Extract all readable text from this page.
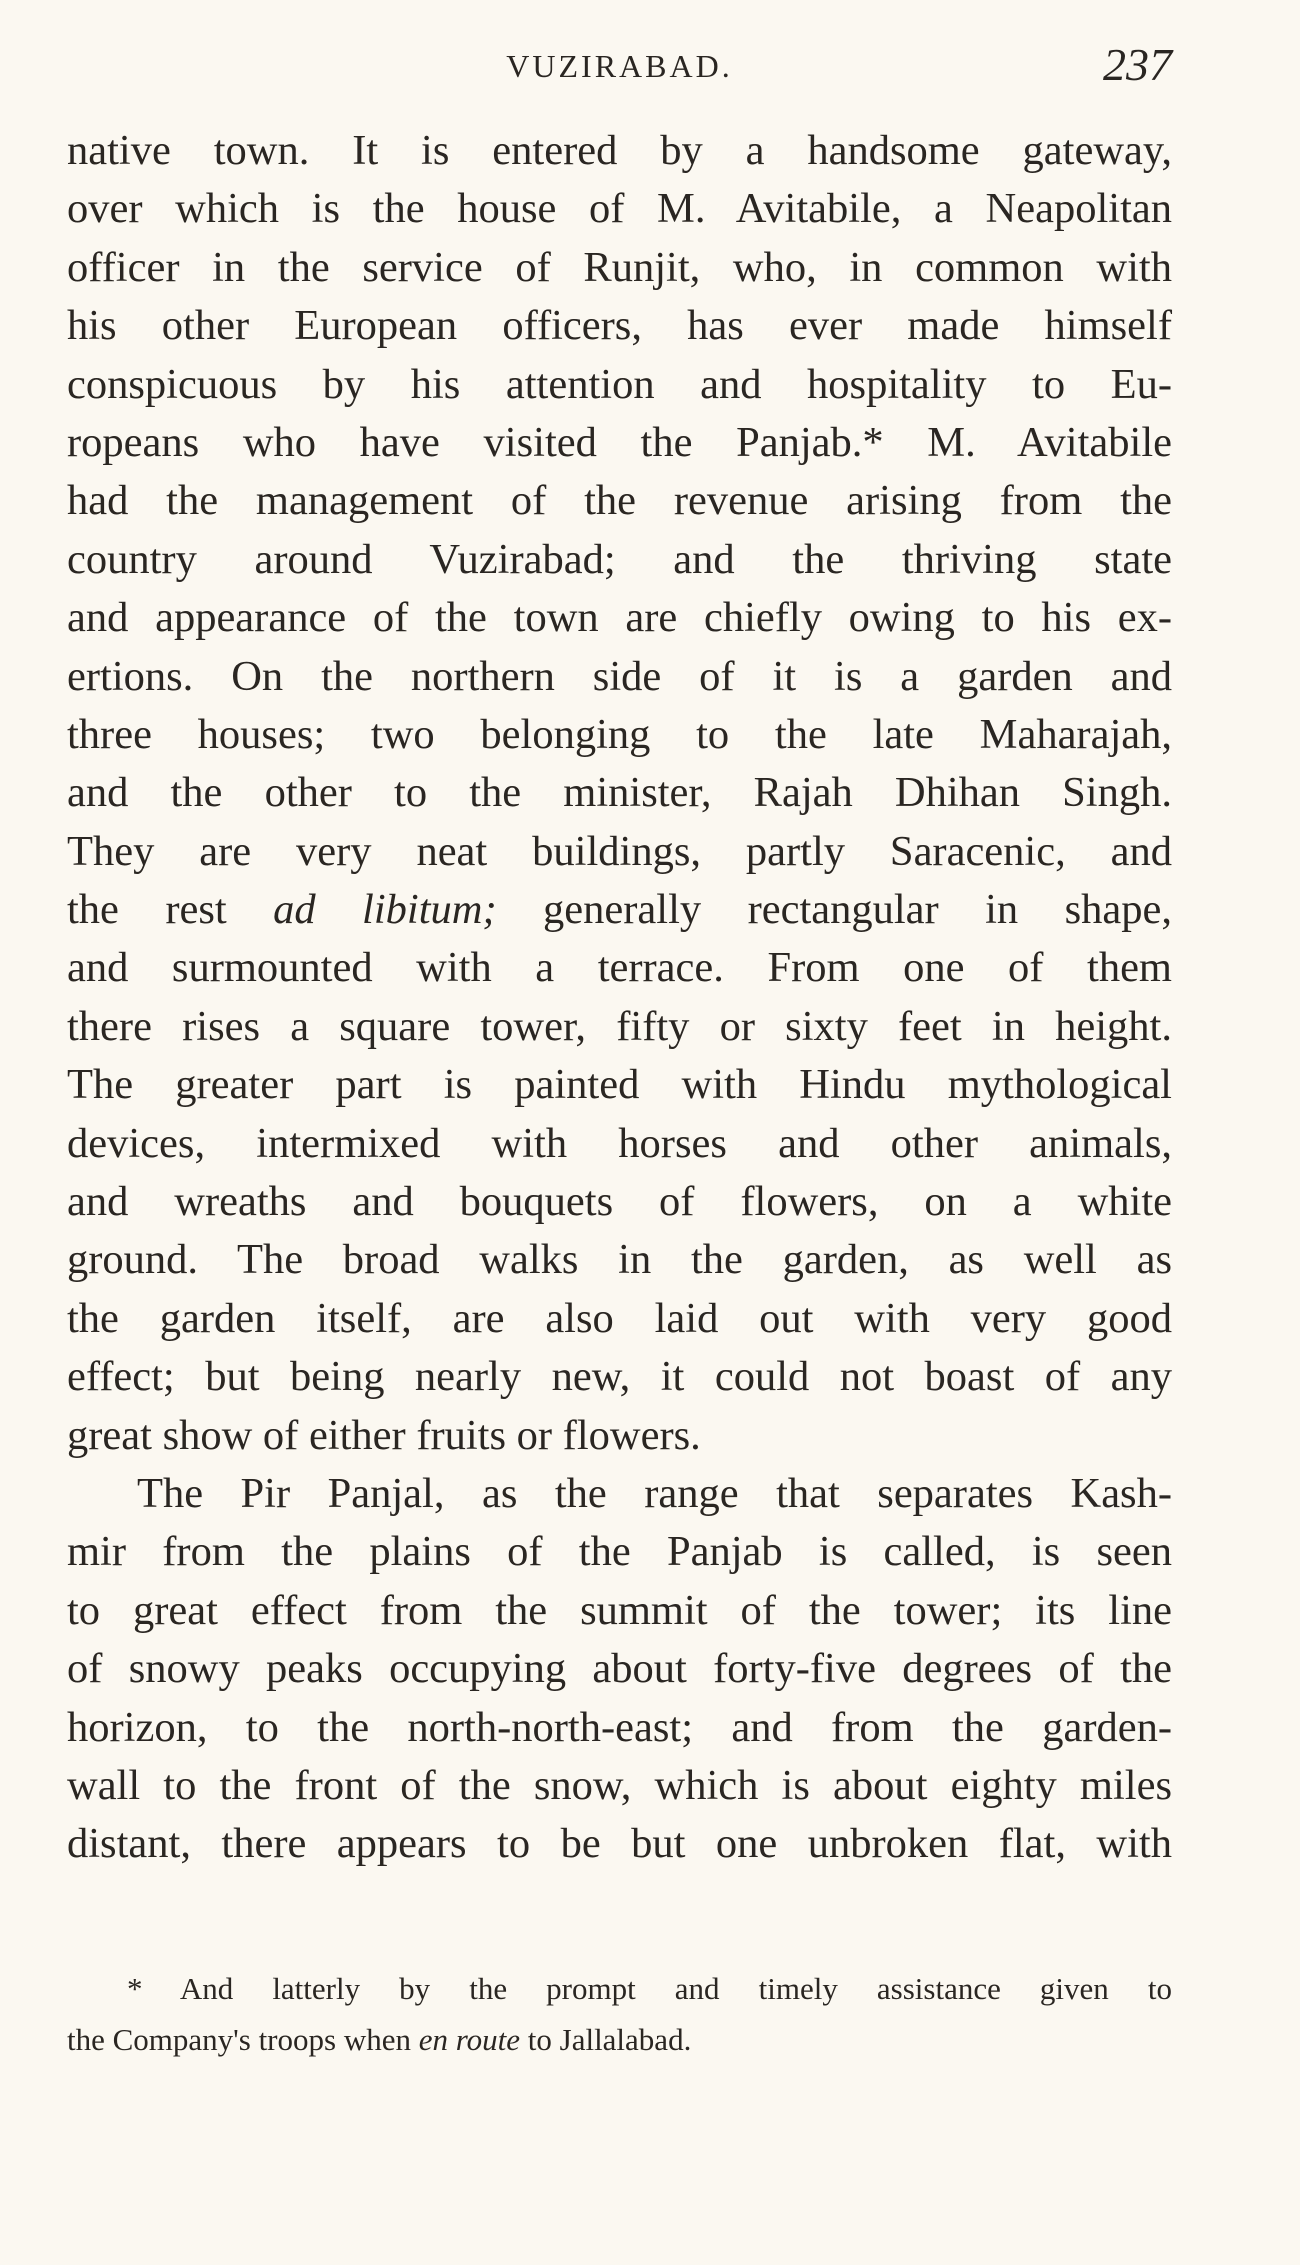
VUZIRABAD.	237
native town. It is entered by a handsome gateway,
over which is the house of M. Avitabile, a Neapolitan
officer in the service of Runjit, who, in common with
his other European officers, has ever made himself
conspicuous by his attention and hospitality to Eu-
ropeans who have visited the Panjab.* M. Avitabile
had the management of the revenue arising from the
country around Vuzirabad; and the thriving state
and appearance of the town are chiefly owing to his ex-
ertions. On the northern side of it is a garden and
three houses; two belonging to the late Maharajah,
and the other to the minister, Rajah Dhihan Singh.
They are very neat buildings, partly Saracenic, and
the rest ad libitum; generally rectangular in shape,
and surmounted with a terrace. From one of them
there rises a square tower, fifty or sixty feet in height.
The greater part is painted with Hindu mythological
devices, intermixed with horses and other animals,
and wreaths and bouquets of flowers, on a white
ground. The broad walks in the garden, as well as
the garden itself, are also laid out with very good
effect; but being nearly new, it could not boast of any
great show of either fruits or flowers.
The Pir Panjal, as the range that separates Kash-
mir from the plains of the Panjab is called, is seen
to great effect from the summit of the tower; its line
of snowy peaks occupying about forty-five degrees of the
horizon, to the north-north-east; and from the garden-
wall to the front of the snow, which is about eighty miles
distant, there appears to be but one unbroken flat, with
* And latterly by the prompt and timely assistance given to
the Company's troops when en route to Jallalabad.
